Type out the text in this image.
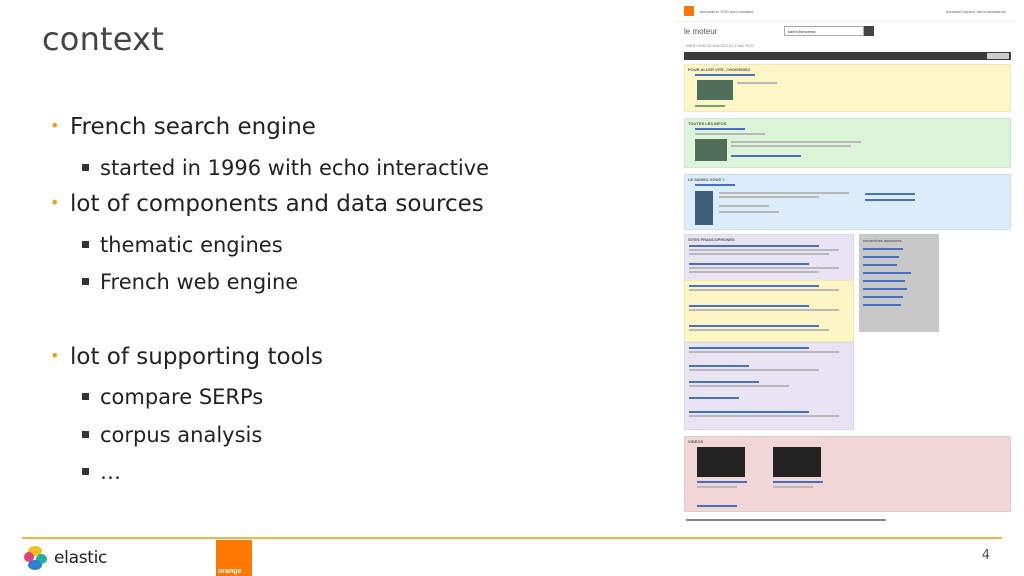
context
• French search engine
started in 1996 with echo interactive
• lot of components and data sources
thematic engines
French web engine
• lot of supporting tools
compare SERPs
corpus analysis
…
actualité tv VOD jeux musique	boutique espace client assistance
le moteur	karim benzema
WEB VIDEOS IMAGES ACTUALITES
POUR ALLER VITE, CHOISISSEZ
TOUTES LES INFOS
LE SAVIEZ-VOUS ?
SITES FRANCOPHONES	recherches associées
VIDEOS
elastic
orange
4
